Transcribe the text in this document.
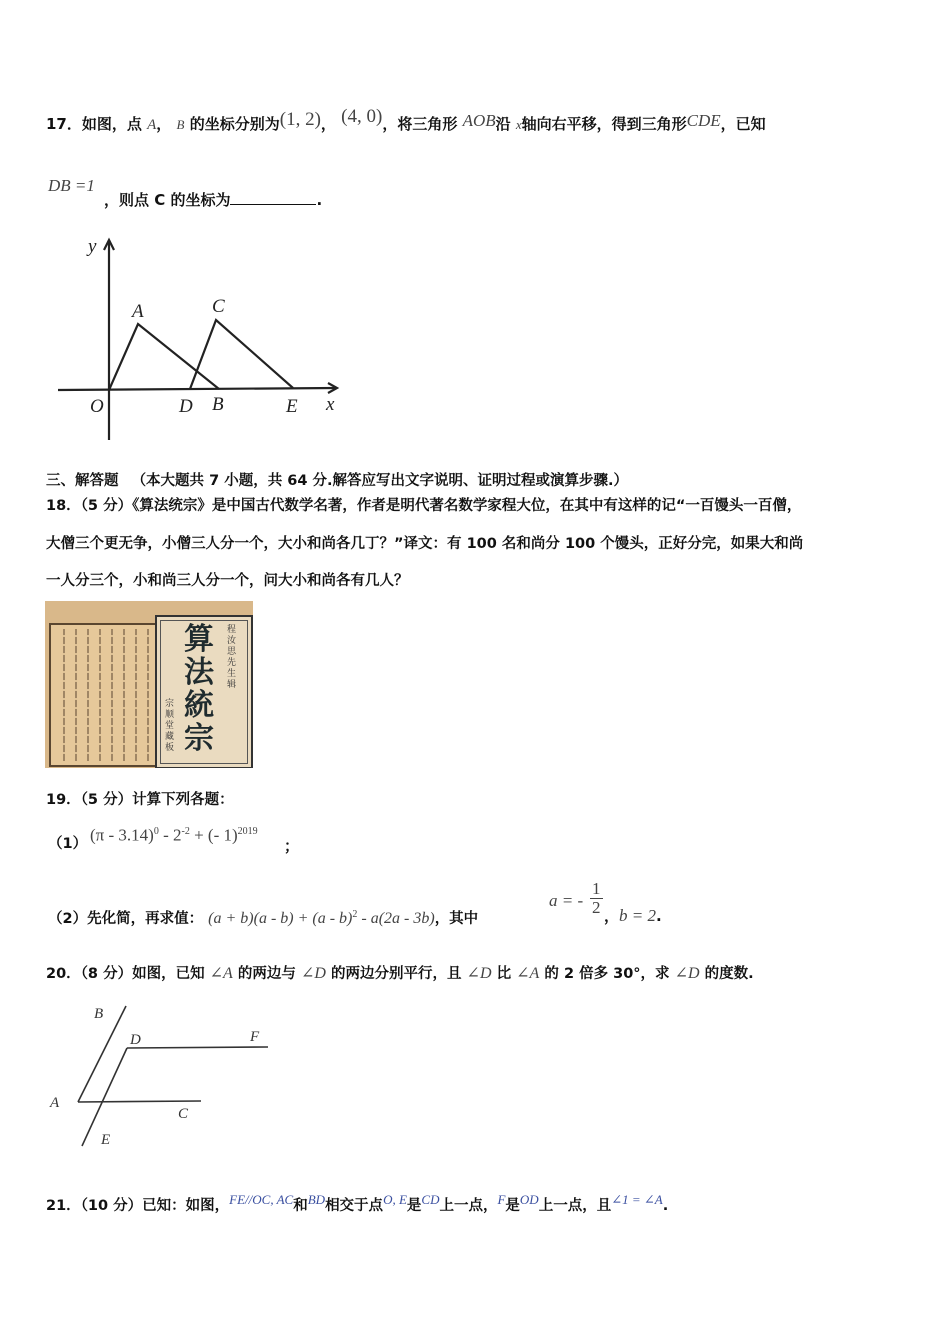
17．如图，点 A， B 的坐标分别为(1, 2)， (4, 0)，将三角形 AOB沿 x轴向右平移，得到三角形CDE，已知
DB =1
，则点 C 的坐标为	.
y
x
O
A	C
D B	E
三、解答题 （本大题共 7 小题，共 64 分.解答应写出文字说明、证明过程或演算步骤.）
18．（5 分）《算法统宗》是中国古代数学名著，作者是明代著名数学家程大位，在其中有这样的记“一百馒头一百僧，
大僧三个更无争，小僧三人分一个，大小和尚各几丁？”译文：有 100 名和尚分 100 个馒头，正好分完，如果大和尚
一人分三个，小和尚三人分一个，问大小和尚各有几人？
算
法
統
宗
程汝思先生辑
宗顺堂藏板
19．（5 分）计算下列各题：
（1） $(\pi - 3.14)^0 - 2^{-2}$ + (- 1)$^{2019}$
；
（2）先化简，再求值： (a + b)(a - b) + (a - b)$^2$ - a(2a - 3b)，其中
a = - $\frac{1}{2}$ ，b = 2.
20．（8 分）如图，已知 ∠A 的两边与 ∠D 的两边分别平行，且 ∠D 比 ∠A 的 2 倍多 30°，求 ∠D 的度数.
B
D	F
A
C
E
21．（10 分）已知：如图，FE//OC, AC和BD相交于点O, E是CD上一点，F是OD上一点，且∠1 = ∠A.
